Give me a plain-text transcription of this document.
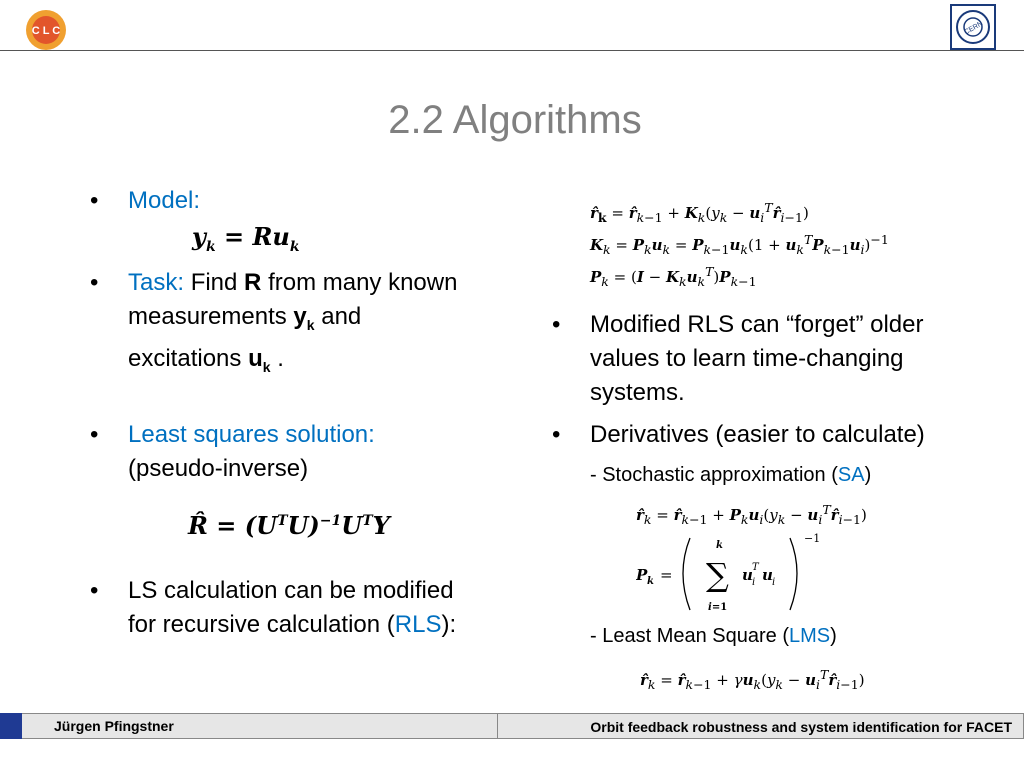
C L C	CERN
2.2 Algorithms
• Model:
$y_k = Ru_k$
• Task: Find R from many known
measurements $y_k$ and
excitations $u_k$ .
• Least squares solution:
(pseudo-inverse)
R̂ = $(U^TU)^{-1}U^TY$
• LS calculation can be modified
for recursive calculation (RLS):
$r̂_k$ = $r̂_{k-1} + K_k(y_k$ − $u_i^Tr̂_{i-1}$)
$K_k = P_ku_k = P_{k-1}u_k(1 + u_k^TP_{k-1}u_i)^{-1}$
$P_k = (I - K_ku_k^T)P_{k-1}$
• Modified RLS can “forget” older
values to learn time-changing
systems.
• Derivatives (easier to calculate)
- Stochastic approximation (SA)
$r̂_k$ = $r̂_{k-1} + P_ku_i(y_k$ − $u_i^Tr̂_{i-1}$)
P k =
k
∑
i=1
u i
T u i
−1
- Least Mean Square (LMS)
$r̂_k$ = $r̂_{k-1} + \gamma u_k(y_k$ − $u_i^Tr̂_{i-1}$)
Jürgen Pfingstner	Orbit feedback robustness and system identification for FACET
